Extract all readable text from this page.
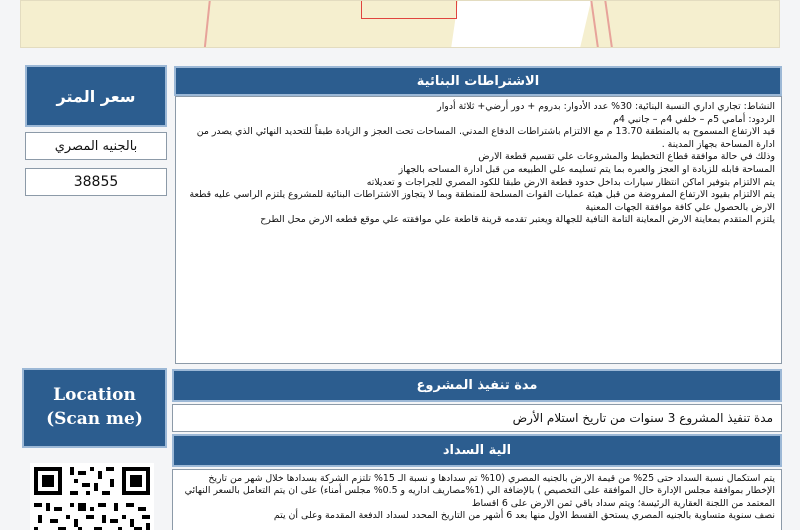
سعر المتر
بالجنيه المصري
38855
الاشتراطات البنائية

النشاط: تجاري اداري النسبة البنائية: 30% عدد الأدوار: بدروم + دور أرضي+ ثلاثة أدوار

الردود: أمامي 5م – خلفي 4م – جانبي 4م

قيد الارتفاع المسموح به بالمنطقة 13.70 م مع الالتزام باشتراطات الدفاع المدني. المساحات تحت العجز و الزيادة طبقاً للتحديد النهائي الذي يصدر من ادارة المساحة بجهاز المدينة .

وذلك في حالة موافقة قطاع التخطيط والمشروعات علي تقسيم قطعة الارض

المساحة قابله للزيادة او العجز والعبره بما يتم تسليمه علي الطبيعه من قبل ادارة المساحه بالجهاز

يتم الالتزام بتوفير اماكن انتظار سيارات بداخل حدود قطعة الارض طبقا للكود المصري للجراجات و تعديلاته

يتم الالتزام بقيود الارتفاع المفروضة من قبل هيئة عمليات القوات المسلحة للمنطقة وبما لا يتجاوز الاشتراطات البنائية للمشروع يلتزم الراسي عليه قطعة الارض بالحصول علي كافة موافقة الجهات المعنية

يلتزم المتقدم بمعاينة الارض المعاينة التامة النافية للجهالة ويعتبر تقدمه قرينة قاطعة علي موافقته علي موقع قطعه الارض محل الطرح

Location
(Scan me)
مدة تنفيذ المشروع
مدة تنفيذ المشروع 3 سنوات من تاريخ استلام الأرض
الية السداد

يتم استكمال نسبة السداد حتى 25% من قيمة الارض بالجنيه المصري (10% تم سدادها و نسبة الـ 15% تلتزم الشركة بسدادها خلال شهر من تاريخ الإخطار بموافقة مجلس الإدارة حال الموافقة على التخصيص ) بالإضافة الي (1%مصاريف اداريه و 0.5% مجلس أمناء) على ان يتم التعامل بالسعر النهائي المعتمد من اللجنة العقارية الرئيسة؛ ويتم سداد باقي ثمن الارض على 6 اقساط

نصف سنوية متساوية بالجنيه المصري يستحق القسط الاول منها بعد 6 أشهر من التاريخ المحدد لسداد الدفعة المقدمة وعلى أن يتم
